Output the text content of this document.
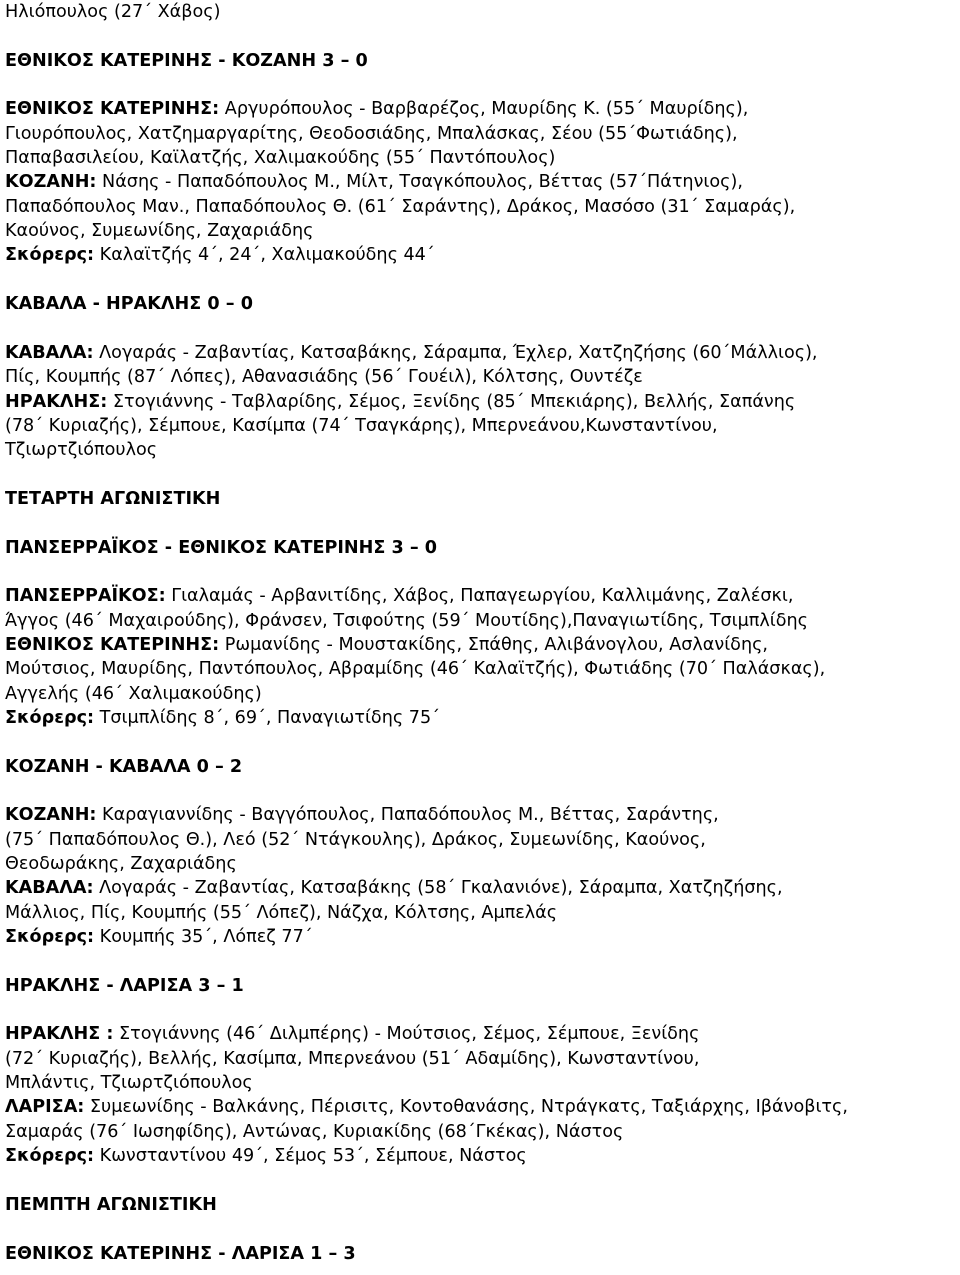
Ηλιόπουλος (27΄ Χάβος)
ΕΘΝΙΚΟΣ ΚΑΤΕΡΙΝΗΣ - ΚΟΖΑΝΗ 3 – 0
ΕΘΝΙΚΟΣ ΚΑΤΕΡΙΝΗΣ: Αργυρόπουλος - Βαρβαρέζος, Μαυρίδης Κ. (55΄ Μαυρίδης),
Γιουρόπουλος, Χατζημαργαρίτης, Θεοδοσιάδης, Μπαλάσκας, Σέου (55΄Φωτιάδης),
Παπαβασιλείου, Καϊλατζής, Χαλιμακούδης (55΄ Παντόπουλος)
ΚΟΖΑΝΗ: Νάσης - Παπαδόπουλος Μ., Μίλτ, Τσαγκόπουλος, Βέττας (57΄Πάτηνιος),
Παπαδόπουλος Μαν., Παπαδόπουλος Θ. (61΄ Σαράντης), Δράκος, Μασόσο (31΄ Σαμαράς),
Καούνος, Συμεωνίδης, Ζαχαριάδης
Σκόρερς: Καλαϊτζής 4΄, 24΄, Χαλιμακούδης 44΄
ΚΑΒΑΛΑ - ΗΡΑΚΛΗΣ 0 – 0
ΚΑΒΑΛΑ: Λογαράς - Ζαβαντίας, Κατσαβάκης, Σάραμπα, Έχλερ, Χατζηζήσης (60΄Μάλλιος),
Πίς, Κουμπής (87΄ Λόπες), Αθανασιάδης (56΄ Γουέιλ), Κόλτσης, Ουντέζε
ΗΡΑΚΛΗΣ: Στογιάννης - Ταβλαρίδης, Σέμος, Ξενίδης (85΄ Μπεκιάρης), Βελλής, Σαπάνης
(78΄ Κυριαζής), Σέμπουε, Κασίμπα (74΄ Τσαγκάρης), Μπερνεάνου,Κωνσταντίνου,
Τζιωρτζιόπουλος
ΤΕΤΑΡΤΗ ΑΓΩΝΙΣΤΙΚΗ
ΠΑΝΣΕΡΡΑΪΚΟΣ - ΕΘΝΙΚΟΣ ΚΑΤΕΡΙΝΗΣ 3 – 0
ΠΑΝΣΕΡΡΑΪΚΟΣ: Γιαλαμάς - Αρβανιτίδης, Χάβος, Παπαγεωργίου, Καλλιμάνης, Ζαλέσκι,
Άγγος (46΄ Μαχαιρούδης), Φράνσεν, Τσιφούτης (59΄ Μουτίδης),Παναγιωτίδης, Τσιμπλίδης
ΕΘΝΙΚΟΣ ΚΑΤΕΡΙΝΗΣ: Ρωμανίδης - Μουστακίδης, Σπάθης, Αλιβάνογλου, Ασλανίδης,
Μούτσιος, Μαυρίδης, Παντόπουλος, Αβραμίδης (46΄ Καλαϊτζής), Φωτιάδης (70΄ Παλάσκας),
Αγγελής (46΄ Χαλιμακούδης)
Σκόρερς: Τσιμπλίδης 8΄, 69΄, Παναγιωτίδης 75΄
ΚΟΖΑΝΗ - ΚΑΒΑΛΑ 0 – 2
ΚΟΖΑΝΗ: Καραγιαννίδης - Βαγγόπουλος, Παπαδόπουλος Μ., Βέττας, Σαράντης,
(75΄ Παπαδόπουλος Θ.), Λεό (52΄ Ντάγκουλης), Δράκος, Συμεωνίδης, Καούνος,
Θεοδωράκης, Ζαχαριάδης
ΚΑΒΑΛΑ: Λογαράς - Ζαβαντίας, Κατσαβάκης (58΄ Γκαλανιόνε), Σάραμπα, Χατζηζήσης,
Μάλλιος, Πίς, Κουμπής (55΄ Λόπεζ), Νάζχα, Κόλτσης, Αμπελάς
Σκόρερς: Κουμπής 35΄, Λόπεζ 77΄
ΗΡΑΚΛΗΣ - ΛΑΡΙΣΑ 3 – 1
ΗΡΑΚΛΗΣ : Στογιάννης (46΄ Διλμπέρης) - Μούτσιος, Σέμος, Σέμπουε, Ξενίδης
(72΄ Κυριαζής), Βελλής, Κασίμπα, Μπερνεάνου (51΄ Αδαμίδης), Κωνσταντίνου,
Μπλάντις, Τζιωρτζιόπουλος
ΛΑΡΙΣΑ: Συμεωνίδης - Βαλκάνης, Πέρισιτς, Κοντοθανάσης, Ντράγκατς, Ταξιάρχης, Ιβάνοβιτς,
Σαμαράς (76΄ Ιωσηφίδης), Αντώνας, Κυριακίδης (68΄Γκέκας), Νάστος
Σκόρερς: Κωνσταντίνου 49΄, Σέμος 53΄, Σέμπουε, Νάστος
ΠΕΜΠΤΗ ΑΓΩΝΙΣΤΙΚΗ
ΕΘΝΙΚΟΣ ΚΑΤΕΡΙΝΗΣ - ΛΑΡΙΣΑ 1 – 3
